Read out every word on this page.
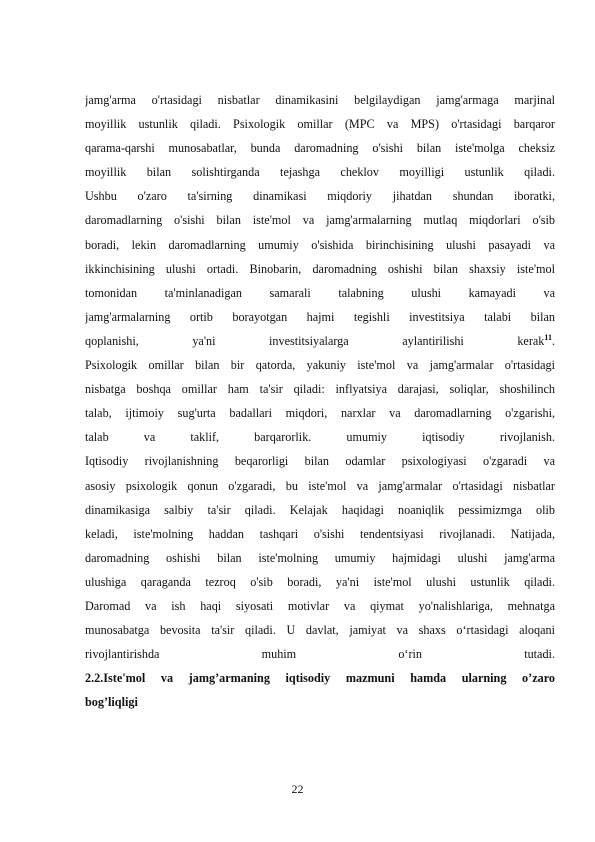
jamg'arma o'rtasidagi nisbatlar dinamikasini belgilaydigan jamg'armaga marjinal
moyillik ustunlik qiladi. Psixologik omillar (MPC va MPS) o'rtasidagi barqaror
qarama-qarshi munosabatlar, bunda daromadning o'sishi bilan iste'molga cheksiz
moyillik bilan solishtirganda tejashga cheklov moyilligi ustunlik qiladi.
Ushbu o'zaro ta'sirning dinamikasi miqdoriy jihatdan shundan iboratki,
daromadlarning o'sishi bilan iste'mol va jamg'armalarning mutlaq miqdorlari o'sib
boradi, lekin daromadlarning umumiy o'sishida birinchisining ulushi pasayadi va
ikkinchisining ulushi ortadi. Binobarin, daromadning oshishi bilan shaxsiy iste'mol
tomonidan ta'minlanadigan samarali talabning ulushi kamayadi va
jamg'armalarning ortib borayotgan hajmi tegishli investitsiya talabi bilan
qoplanishi, ya'ni investitsiyalarga aylantirilishi kerak$^{11}$.
Psixologik omillar bilan bir qatorda, yakuniy iste'mol va jamg'armalar o'rtasidagi
nisbatga boshqa omillar ham ta'sir qiladi: inflyatsiya darajasi, soliqlar, shoshilinch
talab, ijtimoiy sug'urta badallari miqdori, narxlar va daromadlarning o'zgarishi,
talab va taklif, barqarorlik. umumiy iqtisodiy rivojlanish.
Iqtisodiy rivojlanishning beqarorligi bilan odamlar psixologiyasi o'zgaradi va
asosiy psixologik qonun o'zgaradi, bu iste'mol va jamg'armalar o'rtasidagi nisbatlar
dinamikasiga salbiy ta'sir qiladi. Kelajak haqidagi noaniqlik pessimizmga olib
keladi, iste'molning haddan tashqari o'sishi tendentsiyasi rivojlanadi. Natijada,
daromadning oshishi bilan iste'molning umumiy hajmidagi ulushi jamg'arma
ulushiga qaraganda tezroq o'sib boradi, ya'ni iste'mol ulushi ustunlik qiladi.
Daromad va ish haqi siyosati motivlar va qiymat yo'nalishlariga, mehnatga
munosabatga bevosita ta'sir qiladi. U davlat, jamiyat va shaxs o‘rtasidagi aloqani
rivojlantirishda muhim o‘rin tutadi.
2.2.Iste'mol va jamg’armaning iqtisodiy mazmuni hamda ularning o’zaro
bog’liqligi
22
